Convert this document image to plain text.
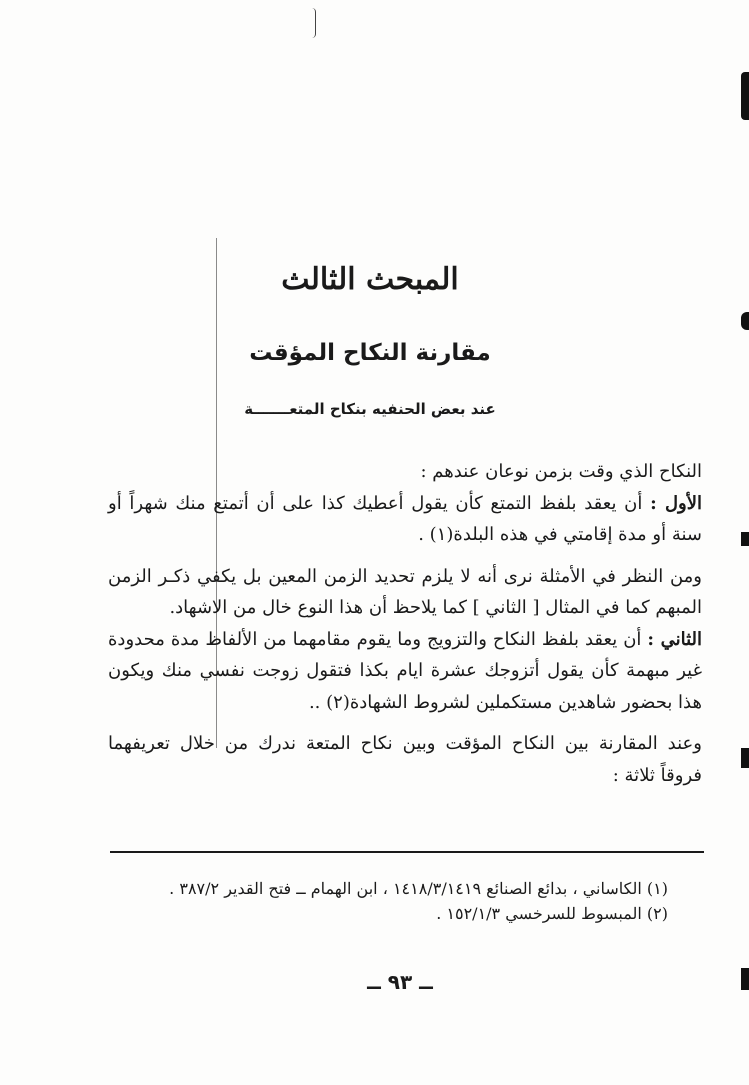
المبحث الثالث
مقارنة النكاح المؤقت
عند بعض الحنفيه بنكاح المتعـــــــة

النكاح الذي وقت بزمن نوعان عندهم :

الأول : أن يعقد بلفظ التمتع كأن يقول أعطيك كذا على أن أتمتع منك شهراً أو سنة أو مدة إقامتي في هذه البلدة(١) .

ومن النظر في الأمثلة نرى أنه لا يلزم تحديد الزمن المعين بل يكفي ذكـر الزمن المبهم كما في المثال [ الثاني ] كما يلاحظ أن هذا النوع خال من الاشهاد.

الثاني : أن يعقد بلفظ النكاح والتزويج وما يقوم مقامهما من الألفاظ مدة محدودة غير مبهمة كأن يقول أتزوجك عشرة ايام بكذا فتقول زوجت نفسي منك ويكون هذا بحضور شاهدين مستكملين لشروط الشهادة(٢) ..

وعند المقارنة بين النكاح المؤقت وبين نكاح المتعة ندرك من خلال تعريفهما فروقاً ثلاثة :

(١) الكاساني ، بدائع الصنائع ١٤١٨/٣/١٤١٩ ، ابن الهمام ــ فتح القدير ٣٨٧/٢ .

(٢) المبسوط للسرخسي ١٥٢/١/٣ .

ــ ٩٣ ــ
